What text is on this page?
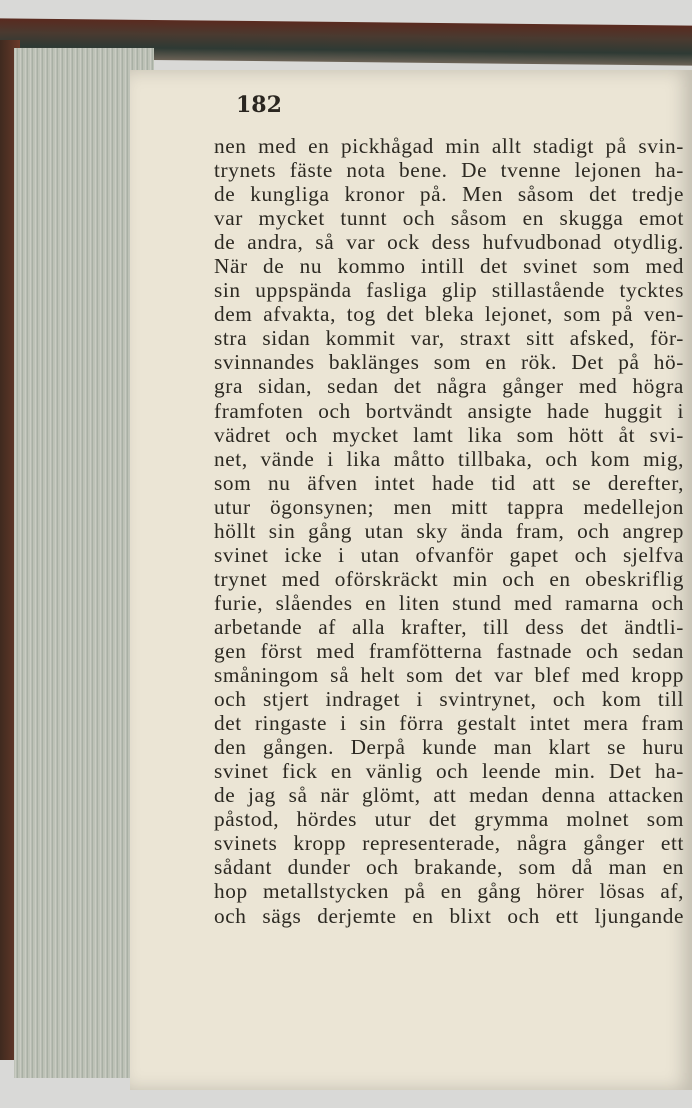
182
nen med en pickhågad min allt stadigt på svin-
trynets fäste nota bene. De tvenne lejonen ha-
de kungliga kronor på. Men såsom det tredje
var mycket tunnt och såsom en skugga emot
de andra, så var ock dess hufvudbonad otydlig.
När de nu kommo intill det svinet som med
sin uppspända fasliga glip stillastående tycktes
dem afvakta, tog det bleka lejonet, som på ven-
stra sidan kommit var, straxt sitt afsked, för-
svinnandes baklänges som en rök. Det på hö-
gra sidan, sedan det några gånger med högra
framfoten och bortvändt ansigte hade huggit i
vädret och mycket lamt lika som hött åt svi-
net, vände i lika måtto tillbaka, och kom mig,
som nu äfven intet hade tid att se derefter,
utur ögonsynen; men mitt tappra medellejon
höllt sin gång utan sky ända fram, och angrep
svinet icke i utan ofvanför gapet och sjelfva
trynet med oförskräckt min och en obeskriflig
furie, slåendes en liten stund med ramarna och
arbetande af alla krafter, till dess det ändtli-
gen först med framfötterna fastnade och sedan
småningom så helt som det var blef med kropp
och stjert indraget i svintrynet, och kom till
det ringaste i sin förra gestalt intet mera fram
den gången. Derpå kunde man klart se huru
svinet fick en vänlig och leende min. Det ha-
de jag så när glömt, att medan denna attacken
påstod, hördes utur det grymma molnet som
svinets kropp representerade, några gånger ett
sådant dunder och brakande, som då man en
hop metallstycken på en gång hörer lösas af,
och sägs derjemte en blixt och ett ljungande
